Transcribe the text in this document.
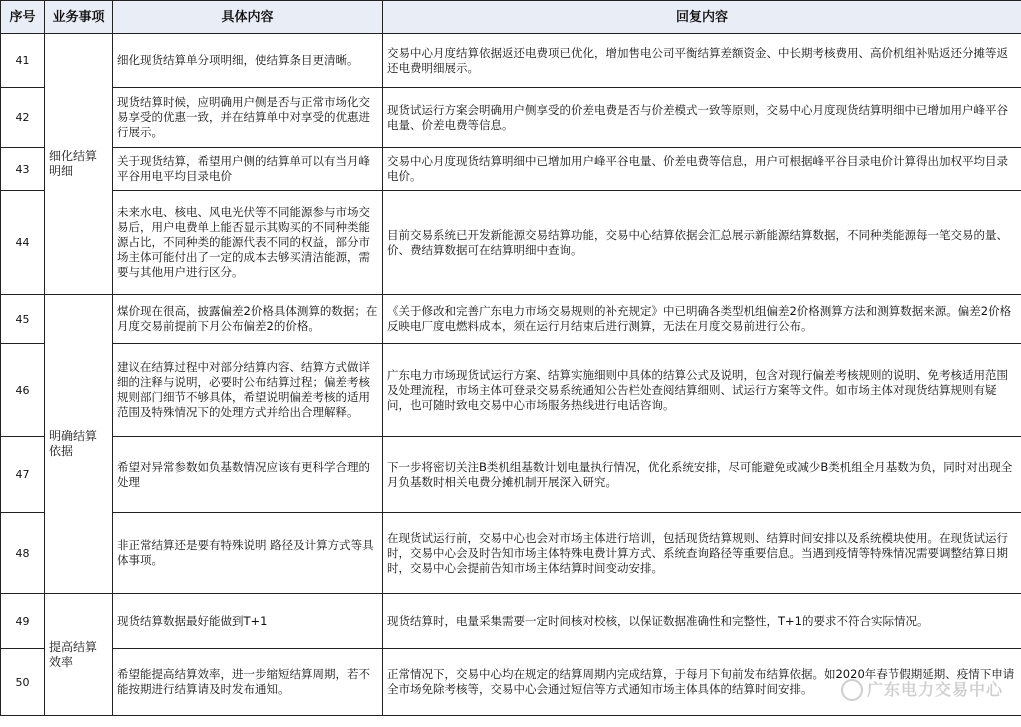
序号	业务事项	具体内容	回复内容
41	细化结算明细	细化现货结算单分项明细，使结算条目更清晰。	交易中心月度结算依据返还电费项已优化，增加售电公司平衡结算差额资金、中长期考核费用、高价机组补贴返还分摊等返还电费明细展示。
42		现货结算时候，应明确用户侧是否与正常市场化交易享受的优惠一致，并在结算单中对享受的优惠进行展示。	现货试运行方案会明确用户侧享受的价差电费是否与价差模式一致等原则，交易中心月度现货结算明细中已增加用户峰平谷电量、价差电费等信息。
43		关于现货结算，希望用户侧的结算单可以有当月峰平谷用电平均目录电价	交易中心月度现货结算明细中已增加用户峰平谷电量、价差电费等信息，用户可根据峰平谷目录电价计算得出加权平均目录电价。
44		未来水电、核电、风电光伏等不同能源参与市场交易后，用户电费单上能否显示其购买的不同种类能源占比，不同种类的能源代表不同的权益，部分市场主体可能付出了一定的成本去够买清洁能源，需要与其他用户进行区分。	目前交易系统已开发新能源交易结算功能，交易中心结算依据会汇总展示新能源结算数据，不同种类能源每一笔交易的量、价、费结算数据可在结算明细中查询。
45	明确结算依据	煤价现在很高，披露偏差2价格具体测算的数据；在月度交易前提前下月公布偏差2的价格。	《关于修改和完善广东电力市场交易规则的补充规定》中已明确各类型机组偏差2价格测算方法和测算数据来源。偏差2价格反映电厂度电燃料成本，须在运行月结束后进行测算，无法在月度交易前进行公布。
46		建议在结算过程中对部分结算内容、结算方式做详细的注释与说明，必要时公布结算过程；偏差考核规则部门细节不够具体，希望说明偏差考核的适用范围及特殊情况下的处理方式并给出合理解释。	广东电力市场现货试运行方案、结算实施细则中具体的结算公式及说明，包含对现行偏差考核规则的说明、免考核适用范围及处理流程，市场主体可登录交易系统通知公告栏处查阅结算细则、试运行方案等文件。如市场主体对现货结算规则有疑问，也可随时致电交易中心市场服务热线进行电话咨询。
47		希望对异常参数如负基数情况应该有更科学合理的处理	下一步将密切关注B类机组基数计划电量执行情况，优化系统安排，尽可能避免或减少B类机组全月基数为负，同时对出现全月负基数时相关电费分摊机制开展深入研究。
48		非正常结算还是要有特殊说明 路径及计算方式等具体事项。	在现货试运行前，交易中心也会对市场主体进行培训，包括现货结算规则、结算时间安排以及系统模块使用。在现货试运行时，交易中心会及时告知市场主体特殊电费计算方式、系统查询路径等重要信息。当遇到疫情等特殊情况需要调整结算日期时，交易中心会提前告知市场主体结算时间变动安排。
49	提高结算效率	现货结算数据最好能做到T+1	现货结算时，电量采集需要一定时间核对校核，以保证数据准确性和完整性，T+1的要求不符合实际情况。
50		希望能提高结算效率，进一步缩短结算周期，若不能按期进行结算请及时发布通知。	正常情况下，交易中心均在规定的结算周期内完成结算，于每月下旬前发布结算依据。如2020年春节假期延期、疫情下申请全市场免除考核等，交易中心会通过短信等方式通知市场主体具体的结算时间安排。	广东电力交易中心
